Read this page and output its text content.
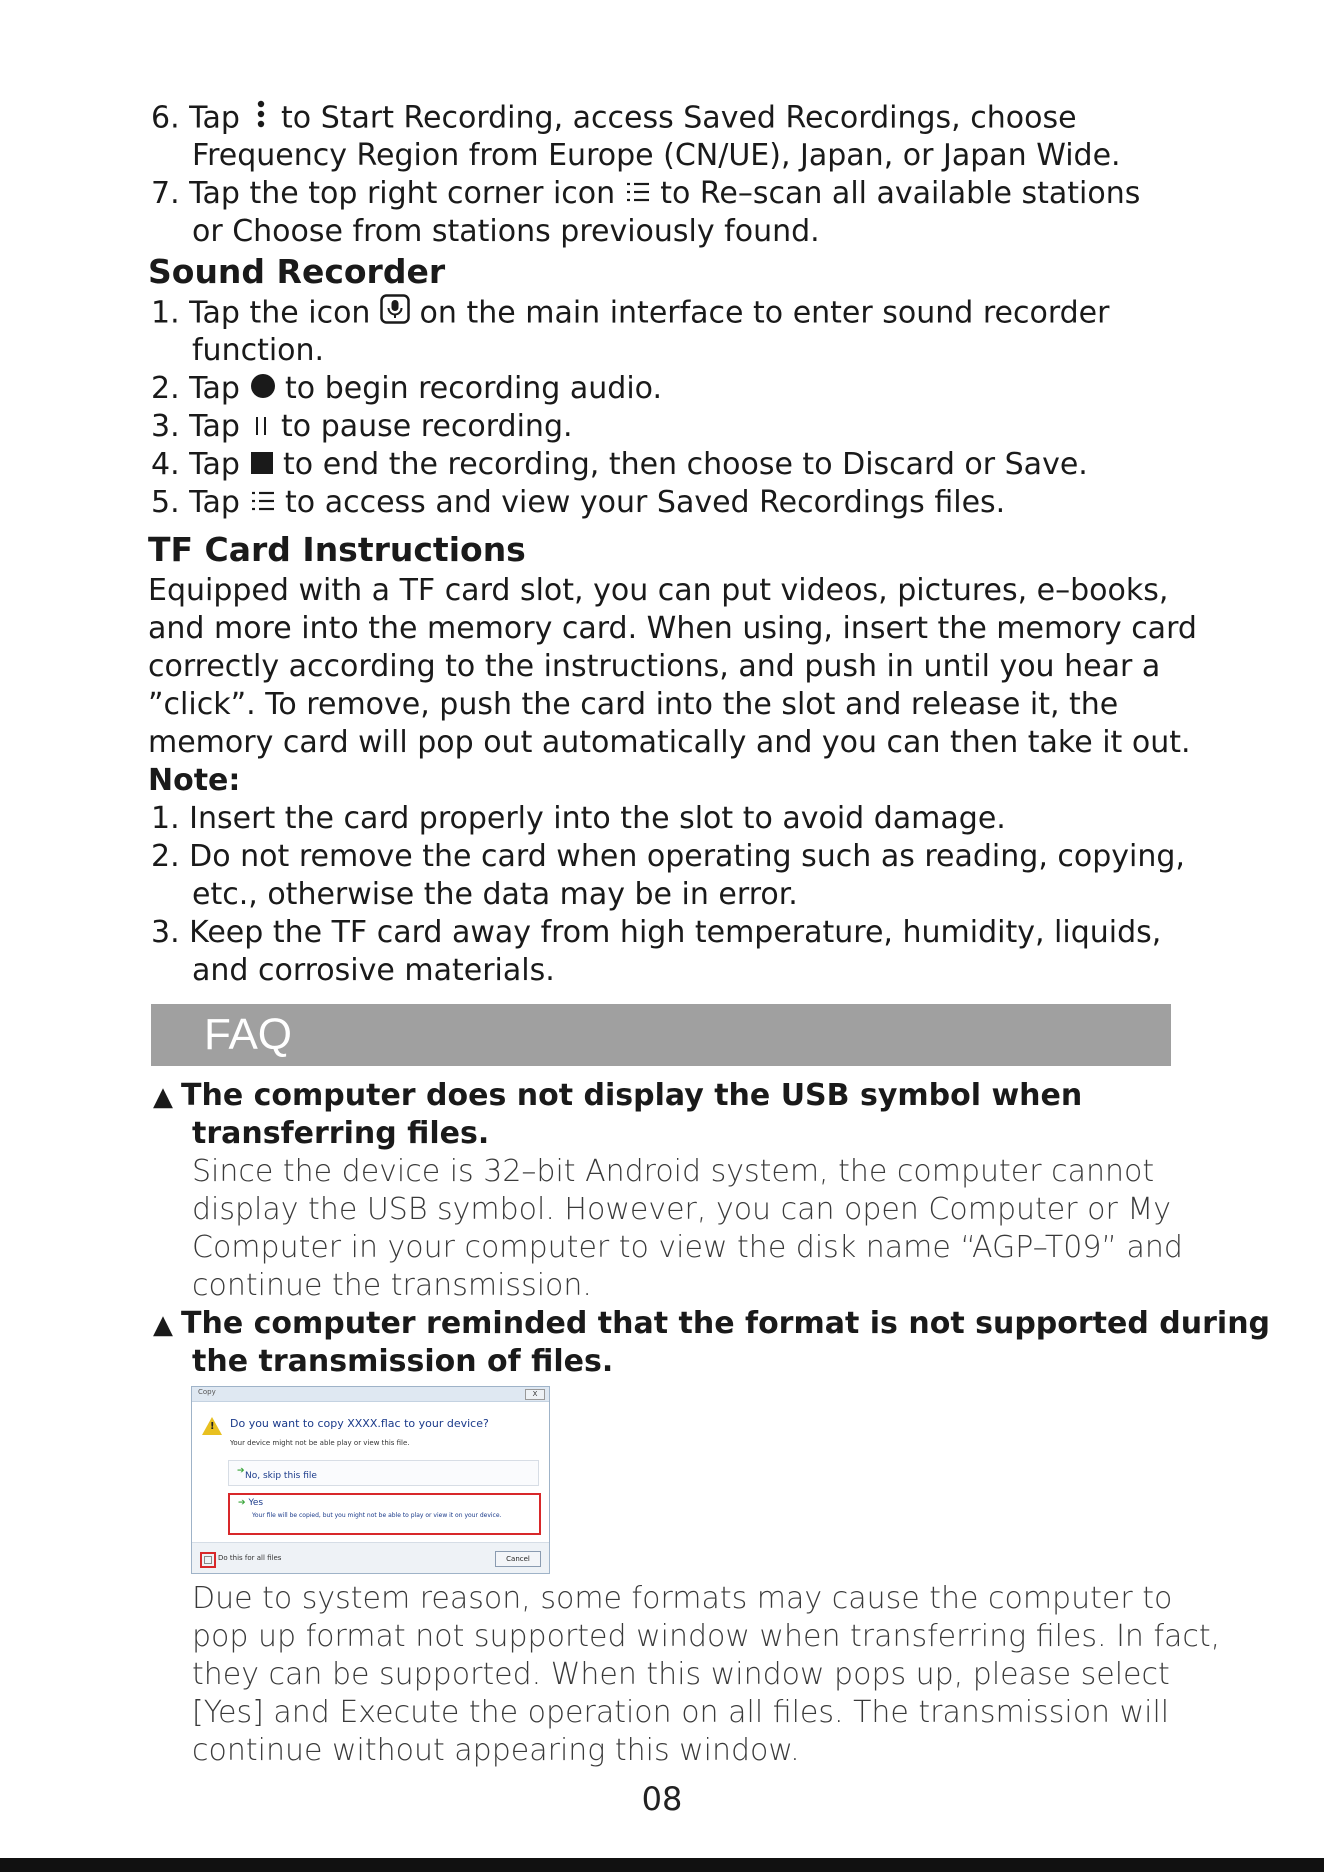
6. Tap to Start Recording, access Saved Recordings, choose
Frequency Region from Europe (CN/UE), Japan, or Japan Wide.
7. Tap the top right corner icon to Re–scan all available stations
or Choose from stations previously found.
Sound Recorder
1. Tap the icon on the main interface to enter sound recorder
function.
2. Tap to begin recording audio.
3. Tap to pause recording.
4. Tap to end the recording, then choose to Discard or Save.
5. Tap to access and view your Saved Recordings files.
TF Card Instructions
Equipped with a TF card slot, you can put videos, pictures, e–books,
and more into the memory card. When using, insert the memory card
correctly according to the instructions, and push in until you hear a
”click”. To remove, push the card into the slot and release it, the
memory card will pop out automatically and you can then take it out.
Note:
1. Insert the card properly into the slot to avoid damage.
2. Do not remove the card when operating such as reading, copying,
etc., otherwise the data may be in error.
3. Keep the TF card away from high temperature, humidity, liquids,
and corrosive materials.
FAQ
▲ The computer does not display the USB symbol when
transferring files.
Since the device is 32–bit Android system, the computer cannot
display the USB symbol. However, you can open Computer or My
Computer in your computer to view the disk name “AGP–T09” and
continue the transmission.
▲ The computer reminded that the format is not supported during
the transmission of files.
Copy	X
! Do you want to copy XXXX.flac to your device?
Your device might not be able play or view this file.
➔ No, skip this file
➔ Yes
Your file will be copied, but you might not be able to play or view it on your device.
Do this for all files	Cancel
Due to system reason, some formats may cause the computer to
pop up format not supported window when transferring files. In fact,
they can be supported. When this window pops up, please select
[Yes] and Execute the operation on all files. The transmission will
continue without appearing this window.
08
